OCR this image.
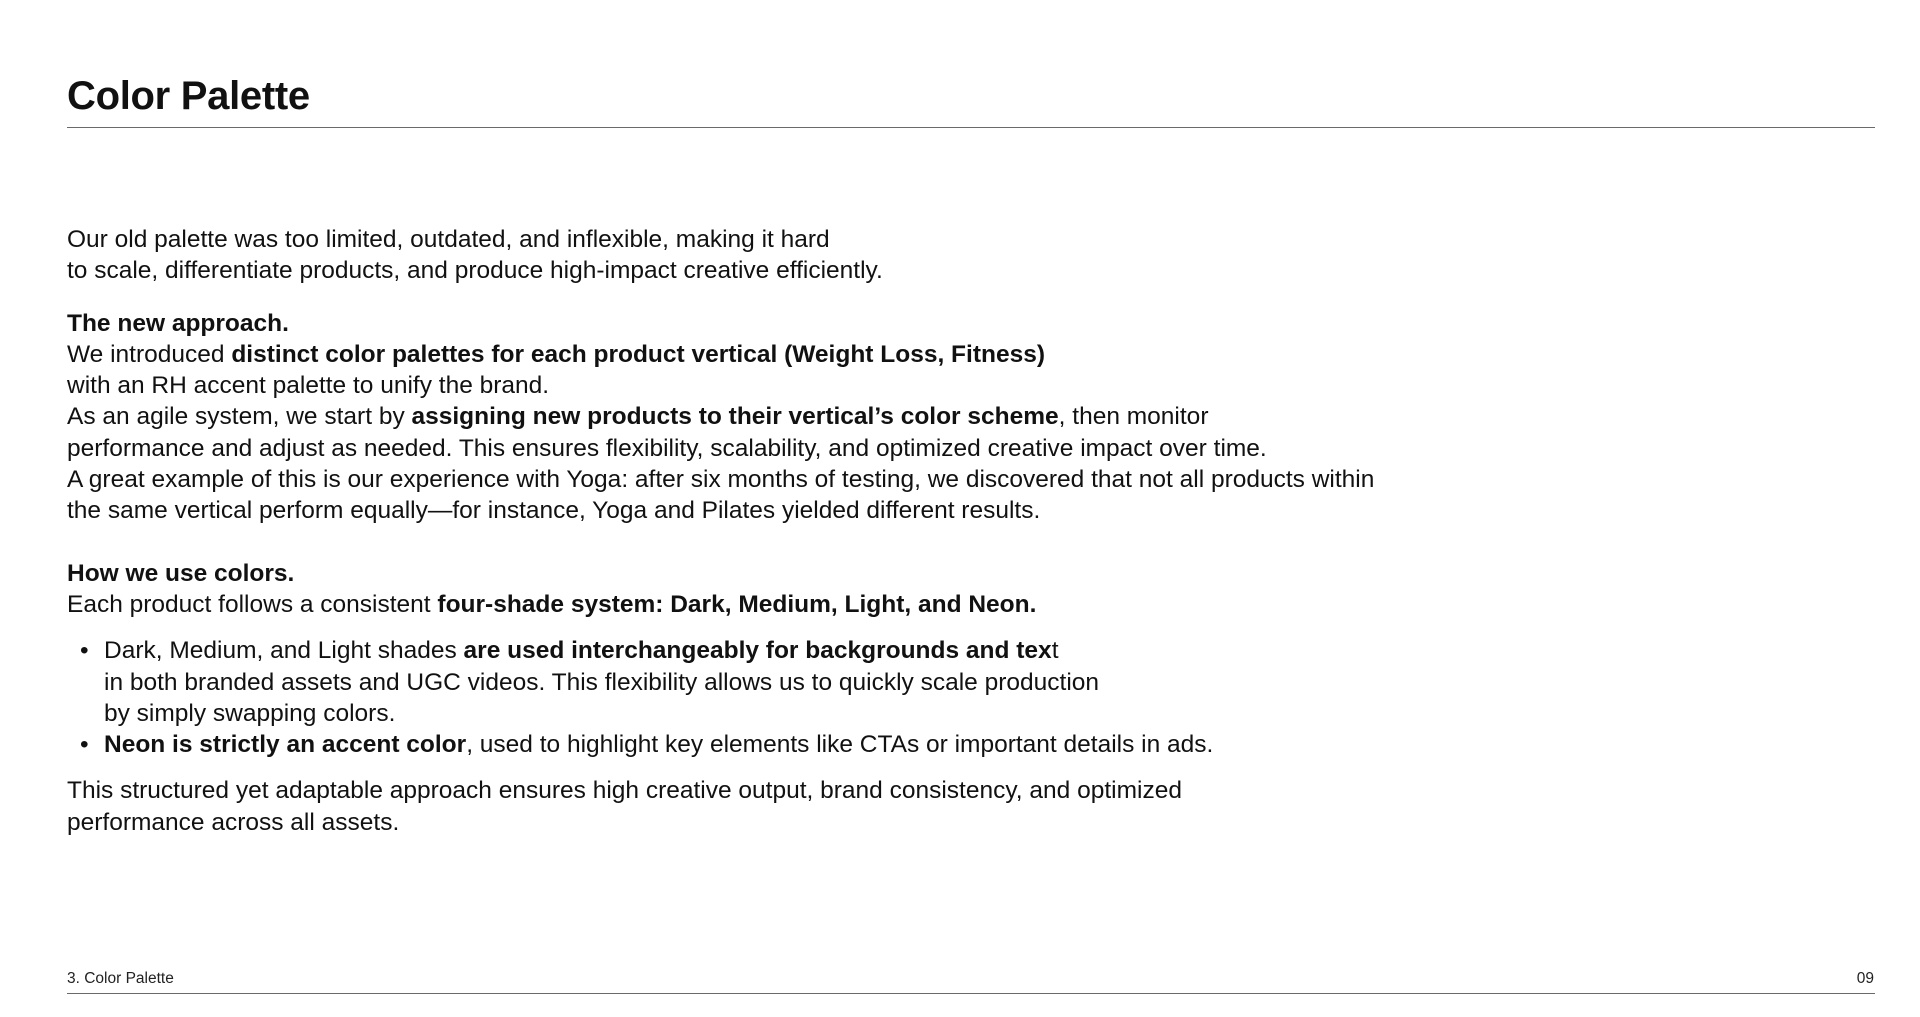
Color Palette

Our old palette was too limited, outdated, and inflexible, making it hard

to scale, differentiate products, and produce high-impact creative efficiently.

The new approach.

We introduced distinct color palettes for each product vertical (Weight Loss, Fitness)

with an RH accent palette to unify the brand.

As an agile system, we start by assigning new products to their vertical’s color scheme, then monitor

performance and adjust as needed. This ensures flexibility, scalability, and optimized creative impact over time.

A great example of this is our experience with Yoga: after six months of testing, we discovered that not all products within

the same vertical perform equally—for instance, Yoga and Pilates yielded different results.

How we use colors.

Each product follows a consistent four-shade system: Dark, Medium, Light, and Neon.

• Dark, Medium, and Light shades are used interchangeably for backgrounds and text
in both branded assets and UGC videos. This flexibility allows us to quickly scale production
by simply swapping colors.
• Neon is strictly an accent color, used to highlight key elements like CTAs or important details in ads.

This structured yet adaptable approach ensures high creative output, brand consistency, and optimized

performance across all assets.

3. Color Palette	09
